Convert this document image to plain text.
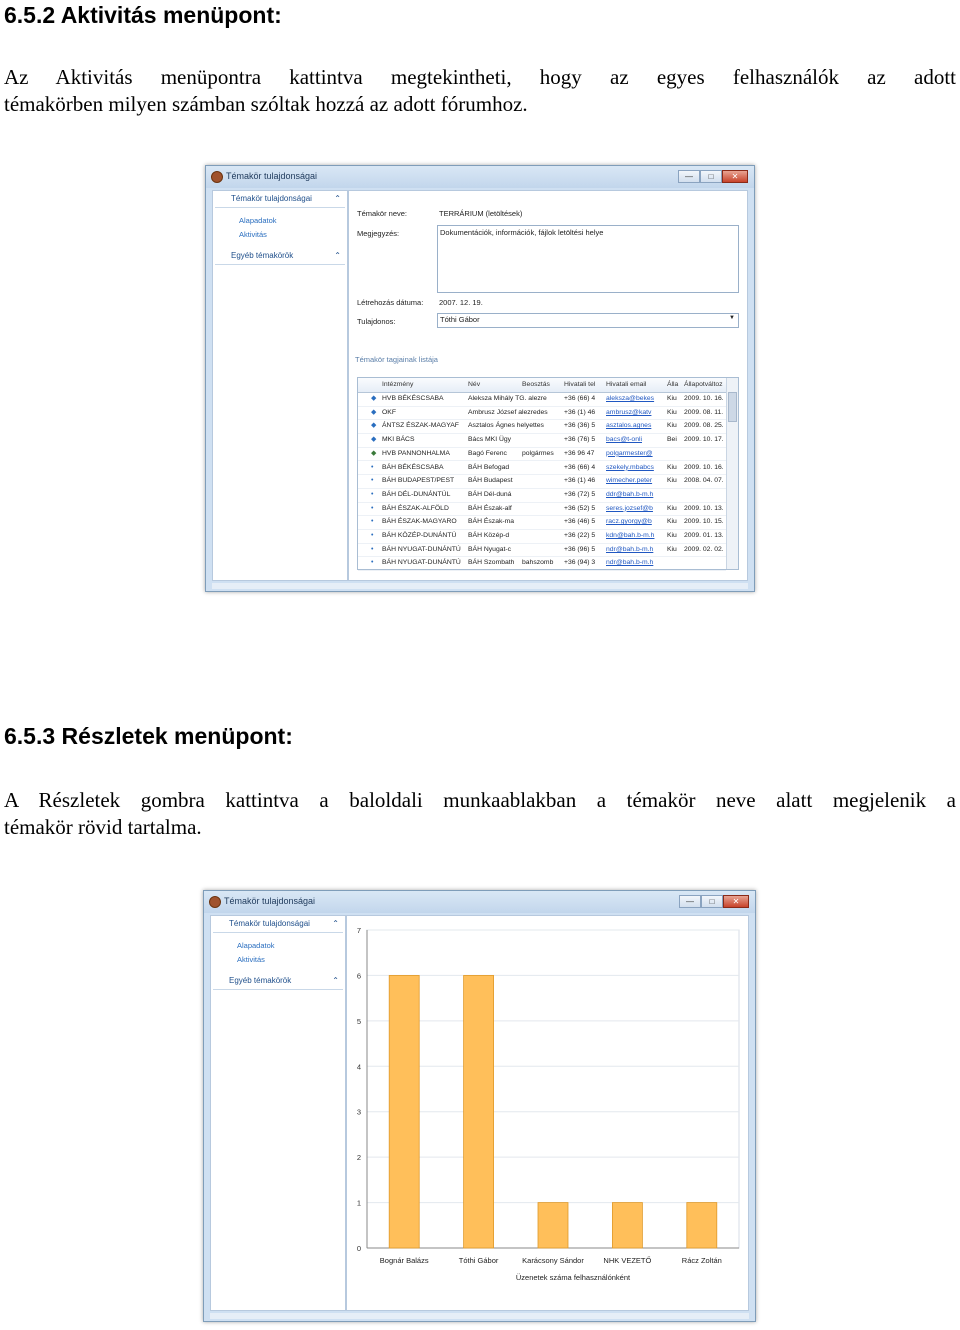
6.5.2 Aktivitás menüpont:

Az Aktivitás menüpontra kattintva megtekintheti, hogy az egyes felhasználók az adott
témakörben milyen számban szóltak hozzá az adott fórumhoz.

Témakör tulajdonságai	—	□	✕
Témakör tulajdonságai	⌃
Alapadatok
Aktivitás
Egyéb témakörök	⌃
Témakör neve:	TERRÁRIUM (letöltések)
Megjegyzés:	Dokumentációk, információk, fájlok letöltési helye
Létrehozás dátuma: 2007. 12. 19.
Tulajdonos:	Tóthi Gábor	▼
Témakör tagjainak listája
Intézmény	Név	Beosztás	Hivatali tel	Hivatali email	Álla Állapotváltoz
◆ HVB BÉKÉSCSABA	Aleksza Mihály TG. alezre	+36 (66) 4	aleksza@bekes	Kiu	2009. 10. 16.
◆ OKF	Ambrusz József alezredes +36 (1) 46	ambrusz@katv	Kiu	2009. 08. 11.
◆ ÁNTSZ ÉSZAK-MAGYAF	Asztalos Ágnes helyettes	+36 (36) 5	asztalos.agnes	Kiu	2009. 08. 25.
◆ MKI BÁCS	Bács MKI Ügy	+36 (76) 5	bacs@t-onli	Bei	2009. 10. 17.
◆ HVB PANNONHALMA	Bagó Ferenc	polgármes	+36 96 47	polgarmester@
•	BÁH BÉKÉSCSABA	BÁH Befogad	+36 (66) 4	szekely.mbabcs	Kiu	2009. 10. 16.
•	BÁH BUDAPEST/PEST	BÁH Budapest	+36 (1) 46	wimecher.peter	Kiu	2008. 04. 07.
•	BÁH DÉL-DUNÁNTÚL	BÁH Dél-duná	+36 (72) 5	ddr@bah.b-m.h
•	BÁH ÉSZAK-ALFÖLD	BÁH Észak-alf	+36 (52) 5	seres.jozsef@b	Kiu	2009. 10. 13.
•	BÁH ÉSZAK-MAGYARO	BÁH Észak-ma	+36 (46) 5	racz.gyorgy@b	Kiu	2009. 10. 15.
•	BÁH KÖZÉP-DUNÁNTÚ	BÁH Közép-d	+36 (22) 5	kdn@bah.b-m.h	Kiu	2009. 01. 13.
•	BÁH NYUGAT-DUNÁNTÚ	BÁH Nyugat-c	+36 (96) 5	ndr@bah.b-m.h	Kiu	2009. 02. 02.
•	BÁH NYUGAT-DUNÁNTÚ	BÁH Szombath	bahszomb	+36 (94) 3	ndr@bah.b-m.h
6.5.3 Részletek menüpont:

A Részletek gombra kattintva a baloldali munkaablakban a témakör neve alatt megjelenik a
témakör rövid tartalma.

Témakör tulajdonságai	—	□	✕
Témakör tulajdonságai	⌃
Alapadatok
Aktivitás
Egyéb témakörök	⌃
0
1
2
3
4
5
6
7
Bognár Balázs	Tóthi Gábor	Karácsony Sándor	NHK VEZETŐ	Rácz Zoltán
Üzenetek száma felhasználónként
